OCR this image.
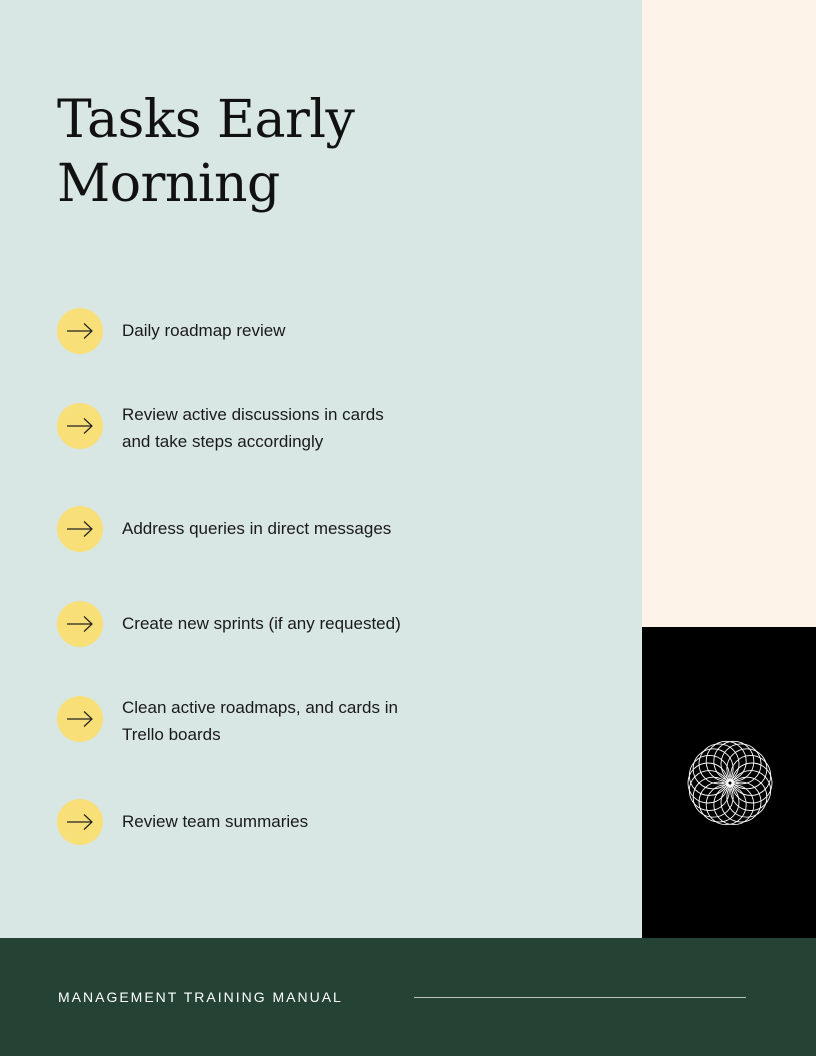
Tasks Early
Morning
Daily roadmap review
Review active discussions in cards
and take steps accordingly
Address queries in direct messages
Create new sprints (if any requested)
Clean active roadmaps, and cards in
Trello boards
Review team summaries
MANAGEMENT TRAINING MANUAL
